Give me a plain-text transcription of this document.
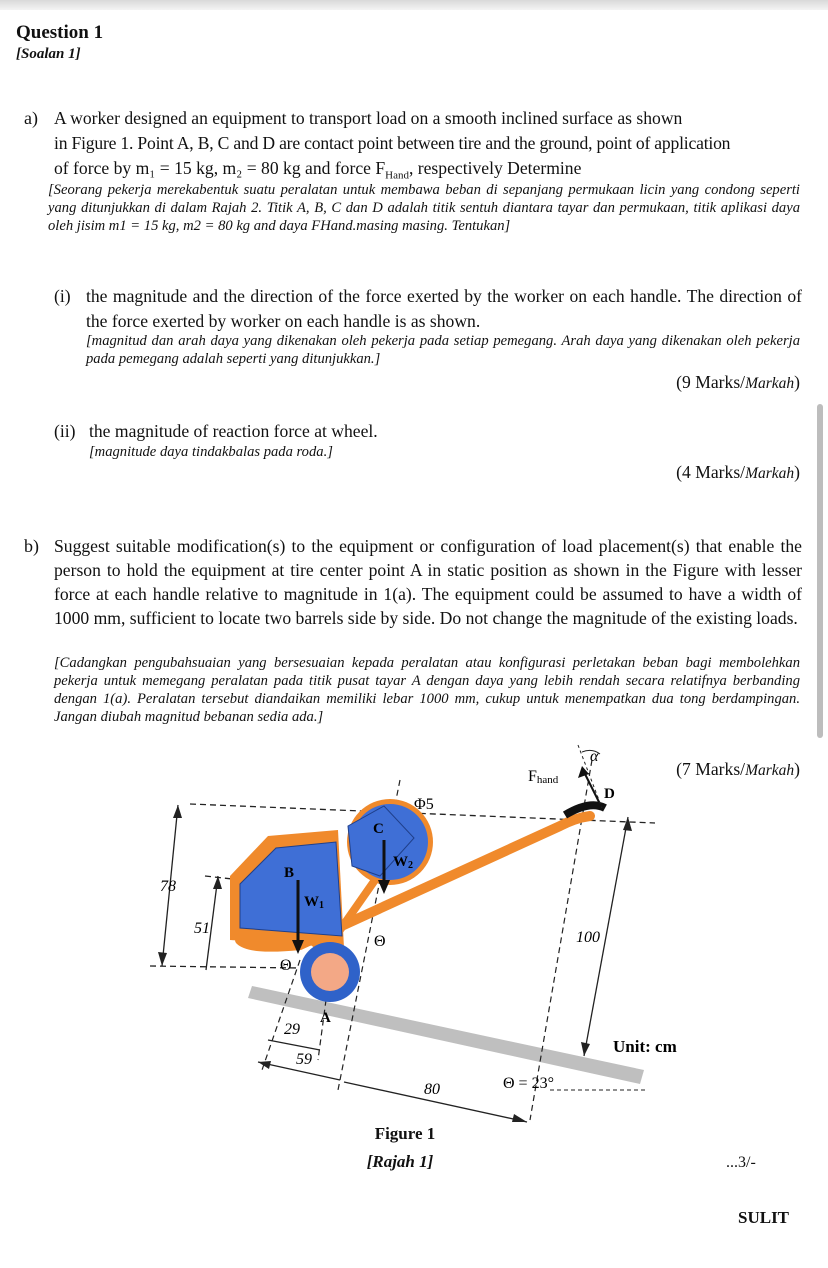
Question 1
[Soalan 1]
a) A worker designed an equipment to transport load on a smooth inclined surface as shown
in Figure 1. Point A, B, C and D are contact point between tire and the ground, point of application
of force by m₁ = 15 kg, m₂ = 80 kg and force $F_{Hand}$, respectively Determine
[Seorang pekerja merekabentuk suatu peralatan untuk membawa beban di sepanjang permukaan licin yang condong seperti yang ditunjukkan di dalam Rajah 2. Titik A, B, C dan D adalah titik sentuh diantara tayar dan permukaan, titik aplikasi daya oleh jisim m1 = 15 kg, m2 = 80 kg and daya FHand.masing masing. Tentukan]
(i) the magnitude and the direction of the force exerted by the worker on each handle. The direction of the force exerted by worker on each handle is as shown.
[magnitud dan arah daya yang dikenakan oleh pekerja pada setiap pemegang. Arah daya yang dikenakan oleh pekerja pada pemegang adalah seperti yang ditunjukkan.]
(9 Marks/Markah)
(ii) the magnitude of reaction force at wheel.
[magnitude daya tindakbalas pada roda.]
(4 Marks/Markah)
b) Suggest suitable modification(s) to the equipment or configuration of load placement(s) that enable the person to hold the equipment at tire center point A in static position as shown in the Figure with lesser force at each handle relative to magnitude in 1(a). The equipment could be assumed to have a width of 1000 mm, sufficient to locate two barrels side by side. Do not change the magnitude of the existing loads.
[Cadangkan pengubahsuaian yang bersesuaian kepada peralatan atau konfigurasi perletakan beban bagi membolehkan pekerja untuk memegang peralatan pada titik pusat tayar A dengan daya yang lebih rendah secara relatifnya berbanding dengan 1(a). Peralatan tersebut diandaikan memiliki lebar 1000 mm, cukup untuk menempatkan dua tong berdampingan. Jangan diubah magnitud bebanan sedia ada.]
(7 Marks/Markah)
Fhand
α
D
C
B
A
W1
W2
Φ5
Θ
Θ
78
51
100
29
59
80	Θ = 23°
Unit: cm
Figure 1
[Rajah 1]	...3/-
SULIT
